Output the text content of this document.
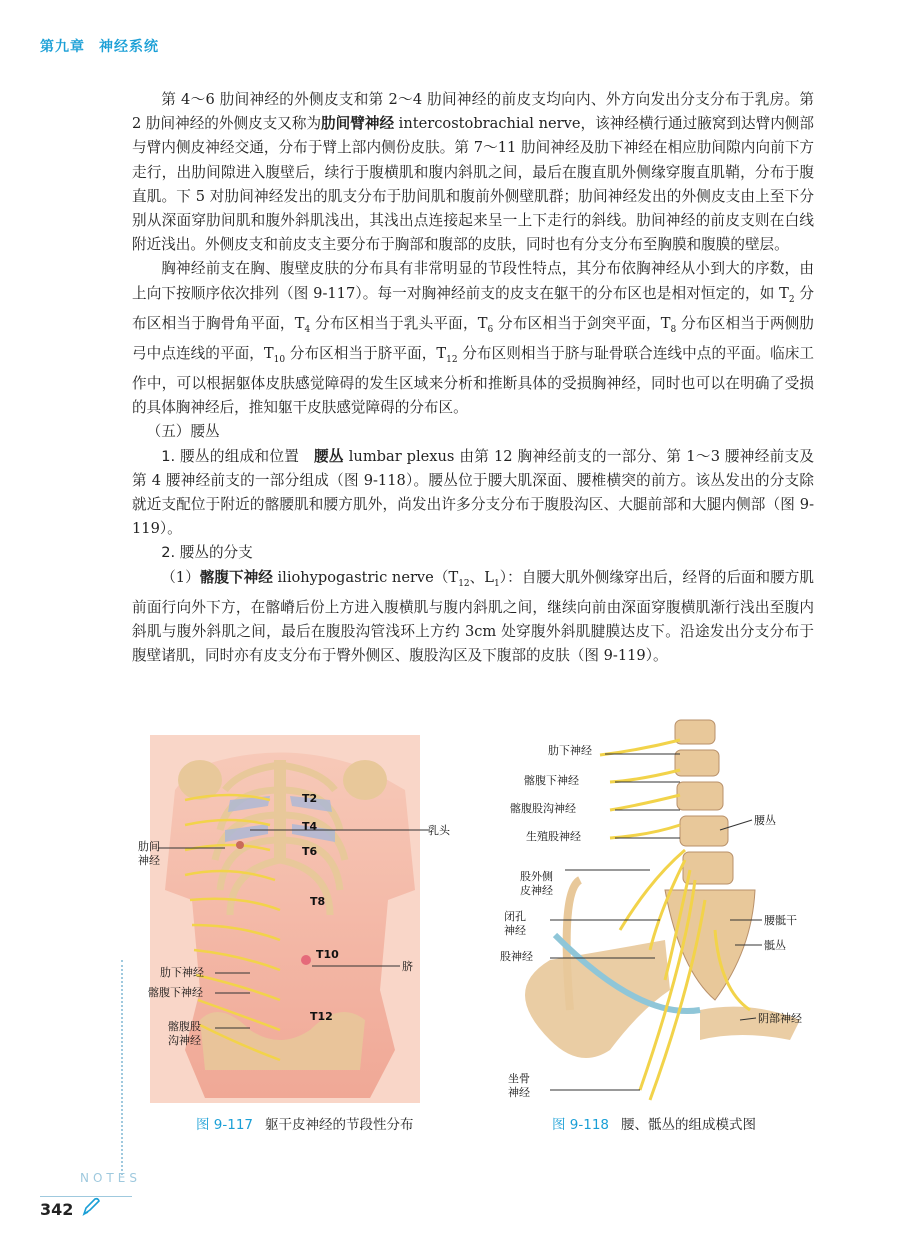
第九章 神经系统

第 4～6 肋间神经的外侧皮支和第 2～4 肋间神经的前皮支均向内、外方向发出分支分布于乳房。第 2 肋间神经的外侧皮支又称为肋间臂神经 intercostobrachial nerve，该神经横行通过腋窝到达臂内侧部与臂内侧皮神经交通，分布于臂上部内侧份皮肤。第 7～11 肋间神经及肋下神经在相应肋间隙内向前下方走行，出肋间隙进入腹壁后，续行于腹横肌和腹内斜肌之间，最后在腹直肌外侧缘穿腹直肌鞘，分布于腹直肌。下 5 对肋间神经发出的肌支分布于肋间肌和腹前外侧壁肌群；肋间神经发出的外侧皮支由上至下分别从深面穿肋间肌和腹外斜肌浅出，其浅出点连接起来呈一上下走行的斜线。肋间神经的前皮支则在白线附近浅出。外侧皮支和前皮支主要分布于胸部和腹部的皮肤，同时也有分支分布至胸膜和腹膜的壁层。

胸神经前支在胸、腹壁皮肤的分布具有非常明显的节段性特点，其分布依胸神经从小到大的序数，由上向下按顺序依次排列（图 9-117）。每一对胸神经前支的皮支在躯干的分布区也是相对恒定的，如 $T_2$ 分布区相当于胸骨角平面，$T_4$ 分布区相当于乳头平面，$T_6$ 分布区相当于剑突平面，$T_8$ 分布区相当于两侧肋弓中点连线的平面，$T_{10}$ 分布区相当于脐平面，$T_{12}$ 分布区则相当于脐与耻骨联合连线中点的平面。临床工作中，可以根据躯体皮肤感觉障碍的发生区域来分析和推断具体的受损胸神经，同时也可以在明确了受损的具体胸神经后，推知躯干皮肤感觉障碍的分布区。

（五）腰丛

1. 腰丛的组成和位置　 腰丛 lumbar plexus 由第 12 胸神经前支的一部分、第 1～3 腰神经前支及第 4 腰神经前支的一部分组成（图 9-118）。腰丛位于腰大肌深面、腰椎横突的前方。该丛发出的分支除就近支配位于附近的髂腰肌和腰方肌外，尚发出许多分支分布于腹股沟区、大腿前部和大腿内侧部（图 9-119）。

2. 腰丛的分支

（1）髂腹下神经 iliohypogastric $nerve(T_{12}$、$L_1$）：自腰大肌外侧缘穿出后，经肾的后面和腰方肌前面行向外下方，在髂嵴后份上方进入腹横肌与腹内斜肌之间，继续向前由深面穿腹横肌渐行浅出至腹内斜肌与腹外斜肌之间，最后在腹股沟管浅环上方约 3cm 处穿腹外斜肌腱膜达皮下。沿途发出分支分布于腹壁诸肌，同时亦有皮支分布于臀外侧区、腹股沟区及下腹部的皮肤（图 9-119）。

T2
T4
T6
T8
T10
T12
肋间
神经
乳头
脐
肋下神经
髂腹下神经
髂腹股
沟神经
图 9-117 躯干皮神经的节段性分布
肋下神经
髂腹下神经
髂腹股沟神经
生殖股神经
股外侧
皮神经
闭孔
神经
股神经
坐骨
神经
腰丛
腰骶干
骶丛
阴部神经
图 9-118 腰、骶丛的组成模式图
NOTES
342
